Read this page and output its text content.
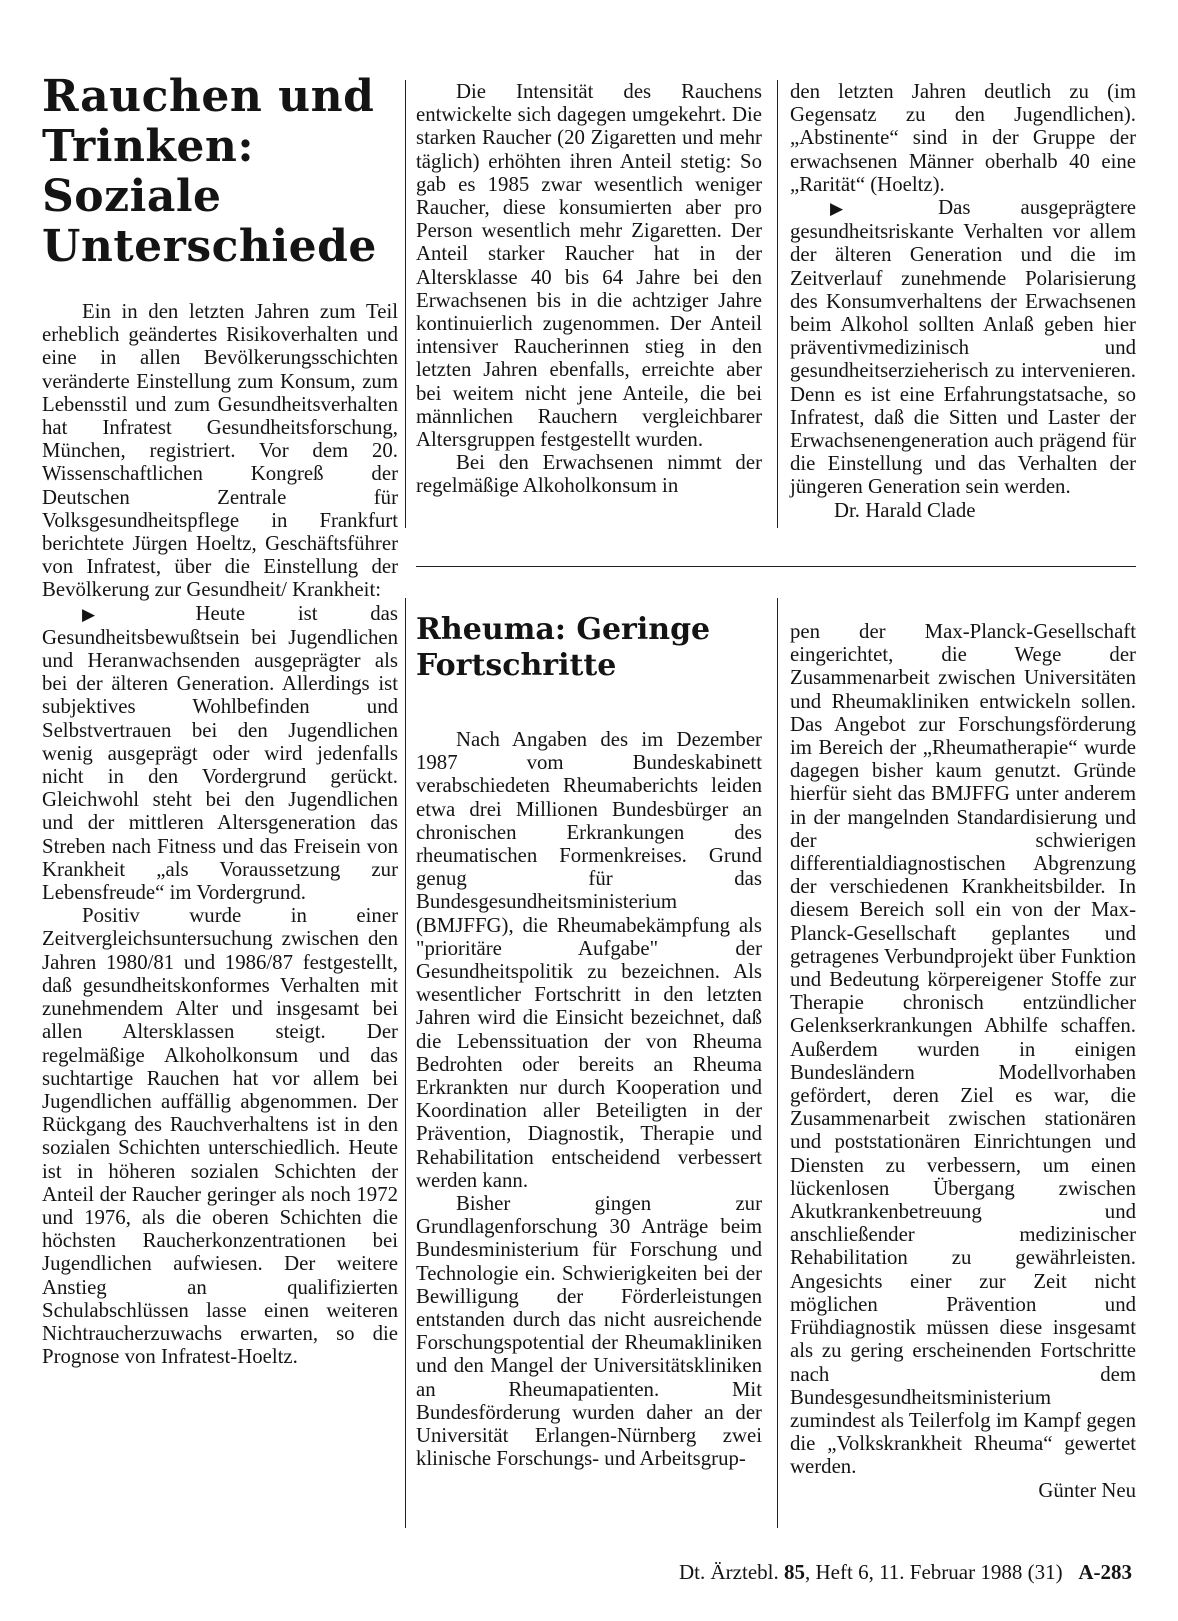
Rauchen und Trinken: Soziale Unterschiede

Ein in den letzten Jahren zum Teil erheblich geändertes Risikoverhalten und eine in allen Bevölkerungsschichten veränderte Einstellung zum Konsum, zum Lebensstil und zum Gesundheitsverhalten hat Infratest Gesundheitsforschung, München, registriert. Vor dem 20. Wissenschaftlichen Kongreß der Deutschen Zentrale für Volksgesundheitspflege in Frankfurt berichtete Jürgen Hoeltz, Geschäftsführer von Infratest, über die Einstellung der Bevölkerung zur Gesundheit/ Krankheit:

▶	Heute ist das Gesundheitsbewußtsein bei Jugendlichen und Heranwachsenden ausgeprägter als bei der älteren Generation. Allerdings ist subjektives Wohlbefinden und Selbstvertrauen bei den Jugendlichen wenig ausgeprägt oder wird jedenfalls nicht in den Vordergrund gerückt. Gleichwohl steht bei den Jugendlichen und der mittleren Altersgeneration das Streben nach Fitness und das Freisein von Krankheit „als Voraussetzung zur Lebensfreude“ im Vordergrund.

Positiv wurde in einer Zeitvergleichsuntersuchung zwischen den Jahren 1980/81 und 1986/87 festgestellt, daß gesundheitskonformes Verhalten mit zunehmendem Alter und insgesamt bei allen Altersklassen steigt. Der regelmäßige Alkoholkonsum und das suchtartige Rauchen hat vor allem bei Jugendlichen auffällig abgenommen. Der Rückgang des Rauchverhaltens ist in den sozialen Schichten unterschiedlich. Heute ist in höheren sozialen Schichten der Anteil der Raucher geringer als noch 1972 und 1976, als die oberen Schichten die höchsten Raucherkonzentrationen bei Jugendlichen aufwiesen. Der weitere Anstieg an qualifizierten Schulabschlüssen lasse einen weiteren Nichtraucherzuwachs erwarten, so die Prognose von Infratest-Hoeltz.

Die Intensität des Rauchens entwickelte sich dagegen umgekehrt. Die starken Raucher (20 Zigaretten und mehr täglich) erhöhten ihren Anteil stetig: So gab es 1985 zwar wesentlich weniger Raucher, diese konsumierten aber pro Person wesentlich mehr Zigaretten. Der Anteil starker Raucher hat in der Altersklasse 40 bis 64 Jahre bei den Erwachsenen bis in die achtziger Jahre kontinuierlich zugenommen. Der Anteil intensiver Raucherinnen stieg in den letzten Jahren ebenfalls, erreichte aber bei weitem nicht jene Anteile, die bei männlichen Rauchern vergleichbarer Altersgruppen festgestellt wurden.

Bei den Erwachsenen nimmt der regelmäßige Alkoholkonsum in

den letzten Jahren deutlich zu (im Gegensatz zu den Jugendlichen). „Abstinente“ sind in der Gruppe der erwachsenen Männer oberhalb 40 eine „Rarität“ (Hoeltz).

▶ Das ausgeprägtere gesundheitsriskante Verhalten vor allem der älteren Generation und die im Zeitverlauf zunehmende Polarisierung des Konsumverhaltens der Erwachsenen beim Alkohol sollten Anlaß geben hier präventivmedizinisch und gesundheitserzieherisch zu intervenieren. Denn es ist eine Erfahrungstatsache, so Infratest, daß die Sitten und Laster der Erwachsenengeneration auch prägend für die Einstellung und das Verhalten der jüngeren Generation sein werden.

Dr. Harald Clade

Rheuma: Geringe Fortschritte

Nach Angaben des im Dezember 1987 vom Bundeskabinett verabschiedeten Rheumaberichts leiden etwa drei Millionen Bundesbürger an chronischen Erkrankungen des rheumatischen Formenkreises. Grund genug für das Bundesgesundheitsministerium (BMJFFG), die Rheumabekämpfung als "prioritäre Aufgabe" der Gesundheitspolitik zu bezeichnen. Als wesentlicher Fortschritt in den letzten Jahren wird die Einsicht bezeichnet, daß die Lebenssituation der von Rheuma Bedrohten oder bereits an Rheuma Erkrankten nur durch Kooperation und Koordination aller Beteiligten in der Prävention, Diagnostik, Therapie und Rehabilitation entscheidend verbessert werden kann.

Bisher gingen zur Grundlagenforschung 30 Anträge beim Bundesministerium für Forschung und Technologie ein. Schwierigkeiten bei der Bewilligung der Förderleistungen entstanden durch das nicht ausreichende Forschungspotential der Rheumakliniken und den Mangel der Universitätskliniken an Rheumapatienten. Mit Bundesförderung wurden daher an der Universität Erlangen-Nürnberg zwei klinische Forschungs- und Arbeitsgrup-

pen der Max-Planck-Gesellschaft eingerichtet, die Wege der Zusammenarbeit zwischen Universitäten und Rheumakliniken entwickeln sollen. Das Angebot zur Forschungsförderung im Bereich der „Rheumatherapie“ wurde dagegen bisher kaum genutzt. Gründe hierfür sieht das BMJFFG unter anderem in der mangelnden Standardisierung und der schwierigen differentialdiagnostischen Abgrenzung der verschiedenen Krankheitsbilder. In diesem Bereich soll ein von der Max-Planck-Gesellschaft geplantes und getragenes Verbundprojekt über Funktion und Bedeutung körpereigener Stoffe zur Therapie chronisch entzündlicher Gelenkserkrankungen Abhilfe schaffen. Außerdem wurden in einigen Bundesländern Modellvorhaben gefördert, deren Ziel es war, die Zusammenarbeit zwischen stationären und poststationären Einrichtungen und Diensten zu verbessern, um einen lückenlosen Übergang zwischen Akutkrankenbetreuung und anschließender medizinischer Rehabilitation zu gewährleisten. Angesichts einer zur Zeit nicht möglichen Prävention und Frühdiagnostik müssen diese insgesamt als zu gering erscheinenden Fortschritte nach dem Bundesgesundheitsministerium zumindest als Teilerfolg im Kampf gegen die „Volkskrankheit Rheuma“ gewertet werden.

Günter Neu

Dt. Ärztebl. 85, Heft 6, 11. Februar 1988 (31) A-283
